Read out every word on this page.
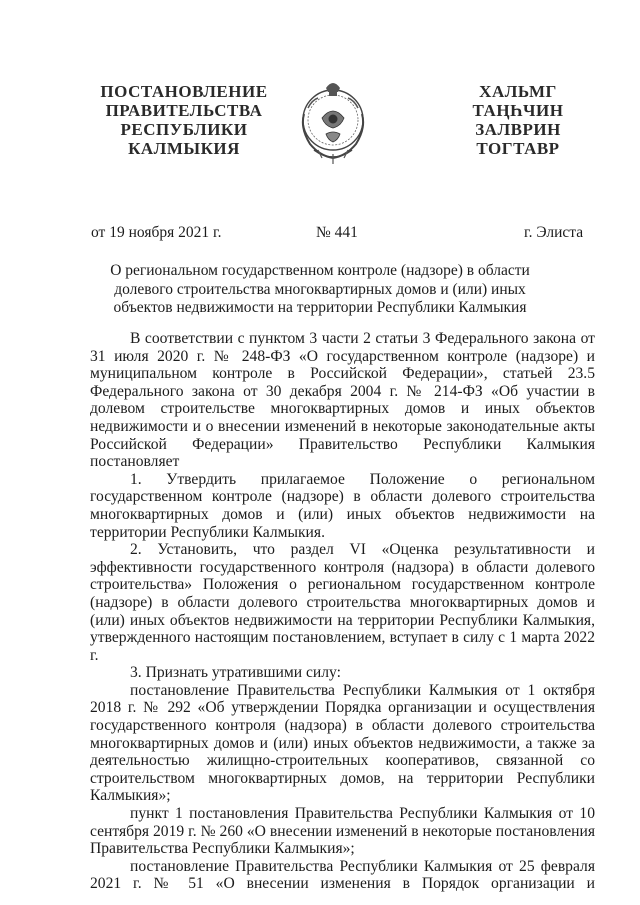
ПОСТАНОВЛЕНИЕ
ПРАВИТЕЛЬСТВА
РЕСПУБЛИКИ
КАЛМЫКИЯ
ХАЛЬМГ
ТАҢҺЧИН
ЗАЛВРИН
ТОГТАВР
от 19 ноября 2021 г.	№ 441	г. Элиста
О региональном государственном контроле (надзоре) в области долевого строительства многоквартирных домов и (или) иных объектов недвижимости на территории Республики Калмыкия

В соответствии с пунктом 3 части 2 статьи 3 Федерального закона от 31 июля 2020 г. № 248-ФЗ «О государственном контроле (надзоре) и муниципальном контроле в Российской Федерации», статьей 23.5 Федерального закона от 30 декабря 2004 г. № 214-ФЗ «Об участии в долевом строительстве многоквартирных домов и иных объектов недвижимости и о внесении изменений в некоторые законодательные акты Российской Федерации» Правительство Республики Калмыкия постановляет

1. Утвердить прилагаемое Положение о региональном государственном контроле (надзоре) в области долевого строительства многоквартирных домов и (или) иных объектов недвижимости на территории Республики Калмыкия.

2. Установить, что раздел VI «Оценка результативности и эффективности государственного контроля (надзора) в области долевого строительства» Положения о региональном государственном контроле (надзоре) в области долевого строительства многоквартирных домов и (или) иных объектов недвижимости на территории Республики Калмыкия, утвержденного настоящим постановлением, вступает в силу с 1 марта 2022 г.

3. Признать утратившими силу:

постановление Правительства Республики Калмыкия от 1 октября 2018 г. № 292 «Об утверждении Порядка организации и осуществления государственного контроля (надзора) в области долевого строительства многоквартирных домов и (или) иных объектов недвижимости, а также за деятельностью жилищно-строительных кооперативов, связанной со строительством многоквартирных домов, на территории Республики Калмыкия»;

пункт 1 постановления Правительства Республики Калмыкия от 10 сентября 2019 г. № 260 «О внесении изменений в некоторые постановления Правительства Республики Калмыкия»;

постановление Правительства Республики Калмыкия от 25 февраля 2021 г. № 51 «О внесении изменения в Порядок организации и
